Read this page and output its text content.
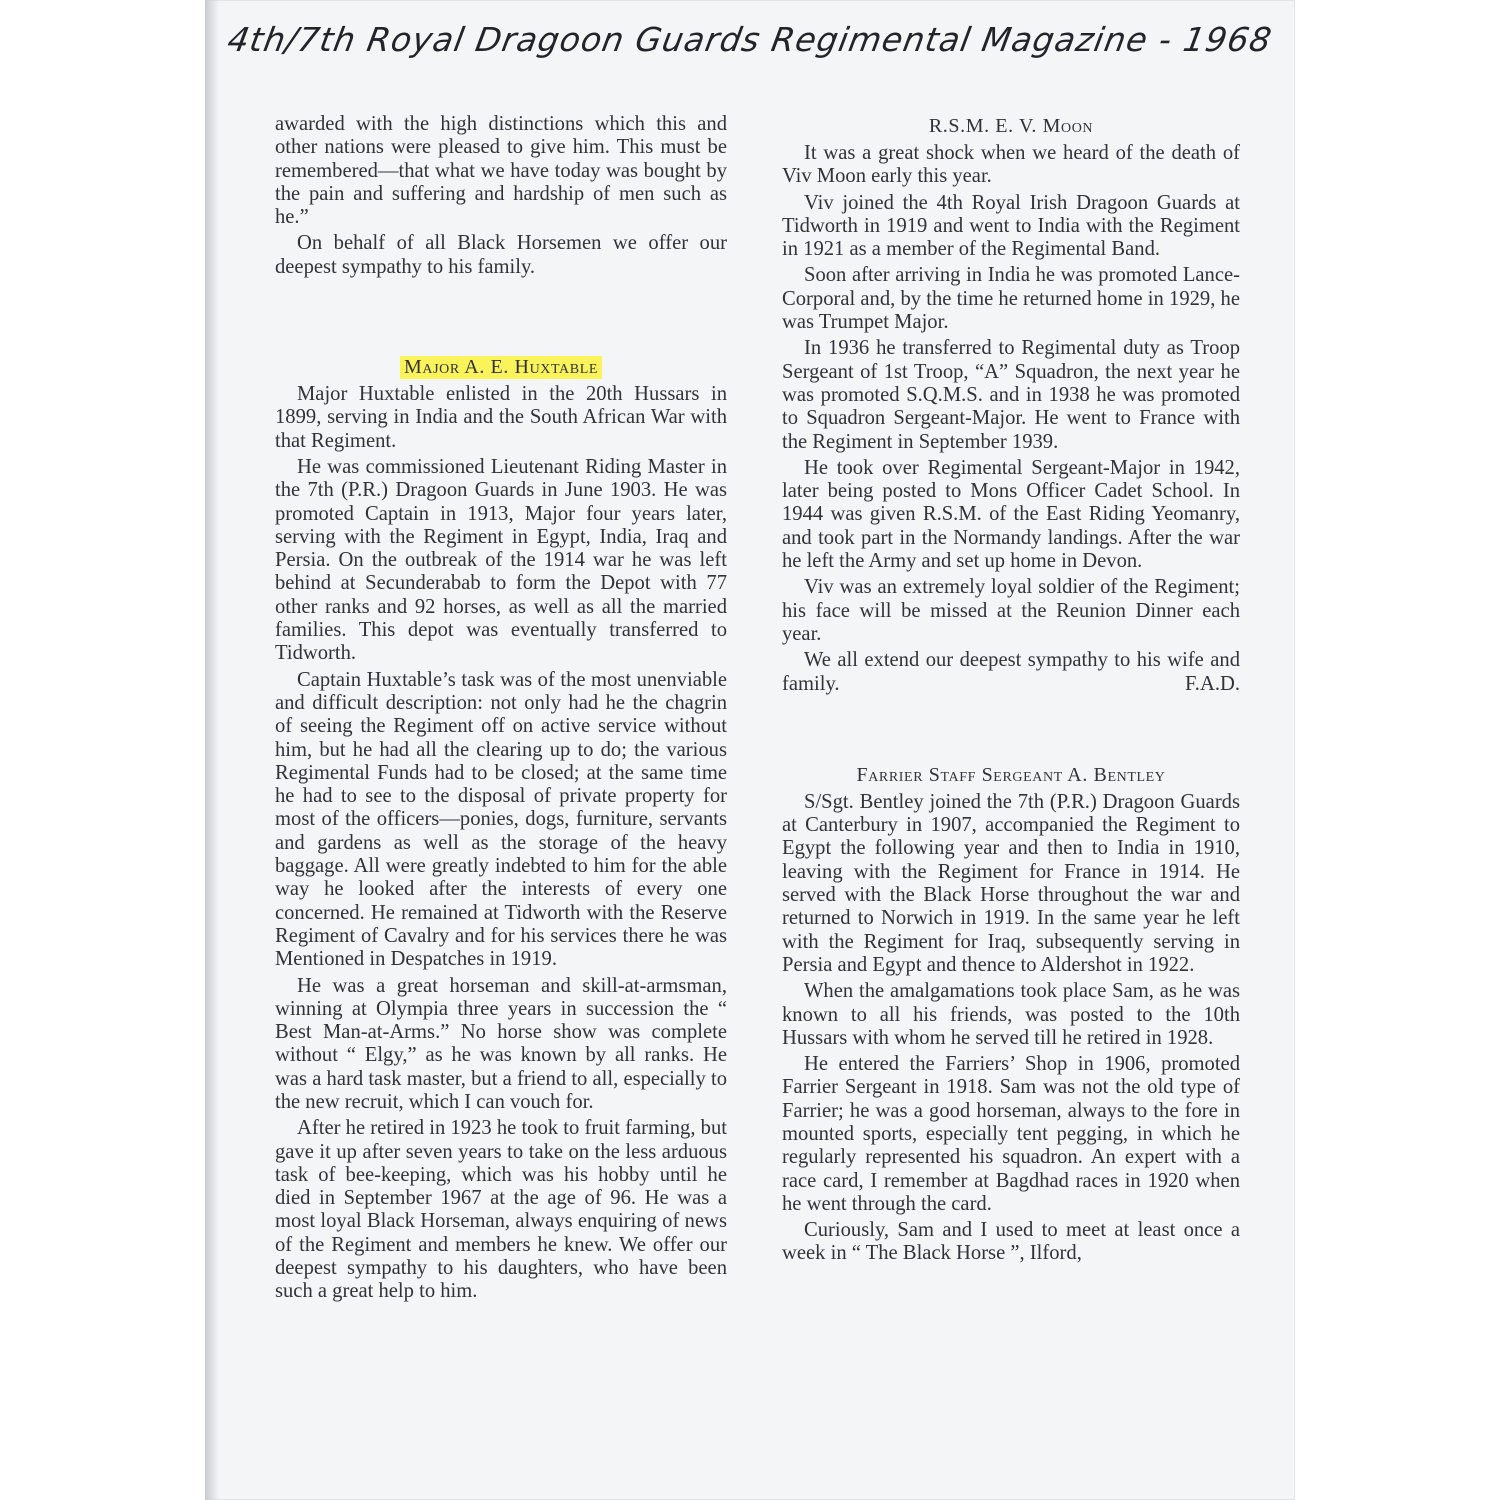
4th/7th Royal Dragoon Guards Regimental Magazine - 1968

awarded with the high distinctions which this and other nations were pleased to give him. This must be remembered—that what we have today was bought by the pain and suffering and hardship of men such as he.”

On behalf of all Black Horsemen we offer our deepest sympathy to his family.

Major A. E. Huxtable

Major Huxtable enlisted in the 20th Hussars in 1899, serving in India and the South African War with that Regiment.

He was commissioned Lieutenant Riding Master in the 7th (P.R.) Dragoon Guards in June 1903. He was promoted Captain in 1913, Major four years later, serving with the Regiment in Egypt, India, Iraq and Persia. On the outbreak of the 1914 war he was left behind at Secunderabab to form the Depot with 77 other ranks and 92 horses, as well as all the married families. This depot was eventually transferred to Tidworth.

Captain Huxtable’s task was of the most unenviable and difficult description: not only had he the chagrin of seeing the Regiment off on active service without him, but he had all the clearing up to do; the various Regimental Funds had to be closed; at the same time he had to see to the disposal of private property for most of the officers—ponies, dogs, furniture, servants and gardens as well as the storage of the heavy baggage. All were greatly indebted to him for the able way he looked after the interests of every one concerned. He remained at Tidworth with the Reserve Regiment of Cavalry and for his services there he was Mentioned in Despatches in 1919.

He was a great horseman and skill-at-armsman, winning at Olympia three years in succession the “ Best Man-at-Arms.” No horse show was complete without “ Elgy,” as he was known by all ranks. He was a hard task master, but a friend to all, especially to the new recruit, which I can vouch for.

After he retired in 1923 he took to fruit farming, but gave it up after seven years to take on the less arduous task of bee-keeping, which was his hobby until he died in September 1967 at the age of 96. He was a most loyal Black Horseman, always enquiring of news of the Regiment and members he knew. We offer our deepest sympathy to his daughters, who have been such a great help to him.

R.S.M. E. V. Moon

It was a great shock when we heard of the death of Viv Moon early this year.

Viv joined the 4th Royal Irish Dragoon Guards at Tidworth in 1919 and went to India with the Regiment in 1921 as a member of the Regimental Band.

Soon after arriving in India he was promoted Lance-Corporal and, by the time he returned home in 1929, he was Trumpet Major.

In 1936 he transferred to Regimental duty as Troop Sergeant of 1st Troop, “A” Squadron, the next year he was promoted S.Q.M.S. and in 1938 he was promoted to Squadron Sergeant-Major. He went to France with the Regiment in September 1939.

He took over Regimental Sergeant-Major in 1942, later being posted to Mons Officer Cadet School. In 1944 was given R.S.M. of the East Riding Yeomanry, and took part in the Normandy landings. After the war he left the Army and set up home in Devon.

Viv was an extremely loyal soldier of the Regiment; his face will be missed at the Reunion Dinner each year.

We all extend our deepest sympathy to his wife and family.	F.A.D.

Farrier Staff Sergeant A. Bentley

S/Sgt. Bentley joined the 7th (P.R.) Dragoon Guards at Canterbury in 1907, accompanied the Regiment to Egypt the following year and then to India in 1910, leaving with the Regiment for France in 1914. He served with the Black Horse throughout the war and returned to Norwich in 1919. In the same year he left with the Regiment for Iraq, subsequently serving in Persia and Egypt and thence to Aldershot in 1922.

When the amalgamations took place Sam, as he was known to all his friends, was posted to the 10th Hussars with whom he served till he retired in 1928.

He entered the Farriers’ Shop in 1906, promoted Farrier Sergeant in 1918. Sam was not the old type of Farrier; he was a good horseman, always to the fore in mounted sports, especially tent pegging, in which he regularly represented his squadron. An expert with a race card, I remember at Bagdhad races in 1920 when he went through the card.

Curiously, Sam and I used to meet at least once a week in “ The Black Horse ”, Ilford,
